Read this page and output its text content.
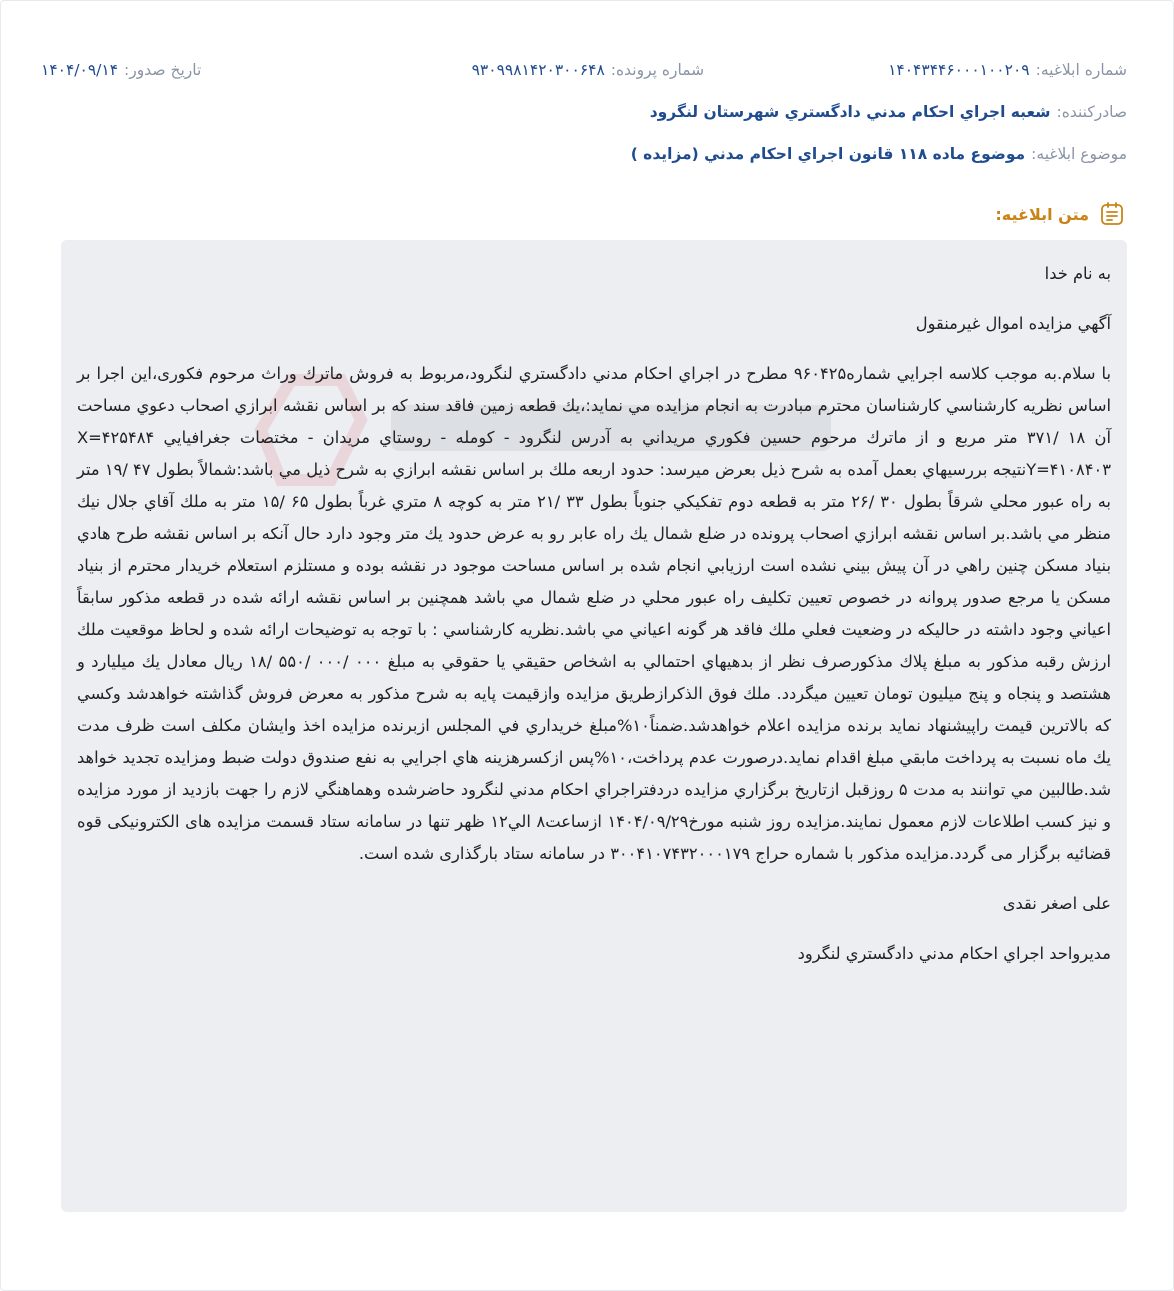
شماره ابلاغیه:
۱۴۰۴۳۴۴۶۰۰۰۱۰۰۲۰۹
شماره پرونده:
۹۳۰۹۹۸۱۴۲۰۳۰۰۶۴۸
تاریخ صدور:
۱۴۰۴/۰۹/۱۴
صادرکننده:
شعبه اجراي احكام مدني دادگستري شهرستان لنگرود
موضوع ابلاغیه:
موضوع ماده ۱۱۸ قانون اجراي احكام مدني (مزايده )
متن ابلاغیه:

به نام خدا

آگهي مزايده اموال غيرمنقول

با سلام.به موجب كلاسه اجرايي شماره۹۶۰۴۲۵ مطرح در اجراي احكام مدني دادگستري لنگرود،مربوط به فروش ماترك وراث مرحوم فكوری،اين اجرا بر اساس نظريه كارشناسي كارشناسان محترم مبادرت به انجام مزايده مي نمايد:،يك قطعه زمين فاقد سند كه بر اساس نقشه ابرازي اصحاب دعوي مساحت آن ۱۸ /۳۷۱ متر مربع و از ماترك مرحوم حسين فكوري مريداني به آدرس لنگرود - كومله - روستاي مريدان - مختصات جغرافيايي X=۴۲۵۴۸۴ Y=۴۱۰۸۴۰۳نتيجه بررسيهاي بعمل آمده به شرح ذيل بعرض ميرسد: حدود اربعه ملك بر اساس نقشه ابرازي به شرح ذيل مي باشد:شمالاً بطول ۴۷ /۱۹ متر به راه عبور محلي شرقاً بطول ۳۰ /۲۶ متر به قطعه دوم تفكيكي جنوباً بطول ۳۳ /۲۱ متر به كوچه ۸ متري غرباً بطول ۶۵ /۱۵ متر به ملك آقاي جلال نيك منظر مي باشد.بر اساس نقشه ابرازي اصحاب پرونده در ضلع شمال يك راه عابر رو به عرض حدود يك متر وجود دارد حال آنكه بر اساس نقشه طرح هادي بنياد مسكن چنين راهي در آن پيش بيني نشده است ارزيابي انجام شده بر اساس مساحت موجود در نقشه بوده و مستلزم استعلام خريدار محترم از بنياد مسكن يا مرجع صدور پروانه در خصوص تعيين تكليف راه عبور محلي در ضلع شمال مي باشد همچنين بر اساس نقشه ارائه شده در قطعه مذكور سابقاً اعياني وجود داشته در حاليكه در وضعيت فعلي ملك فاقد هر گونه اعياني مي باشد.نظريه كارشناسي : با توجه به توضيحات ارائه شده و لحاظ موقعيت ملك ارزش رقبه مذكور به مبلغ پلاك مذكورصرف نظر از بدهيهاي احتمالي به اشخاص حقيقي يا حقوقي به مبلغ ۰۰۰ /۰۰۰ /۵۵۰ /۱۸ ريال معادل يك ميليارد و هشتصد و پنجاه و پنج ميليون تومان تعيين ميگردد. ملك فوق الذكرازطريق مزايده وازقيمت پايه به شرح مذكور به معرض فروش گذاشته خواهدشد وكسي كه بالاترين قيمت راپيشنهاد نمايد برنده مزايده اعلام خواهدشد.ضمناً۱۰%مبلغ خريداري في المجلس ازبرنده مزايده اخذ وايشان مكلف است ظرف مدت يك ماه نسبت به پرداخت مابقي مبلغ اقدام نمايد.درصورت عدم پرداخت،۱۰%پس ازكسرهزينه هاي اجرايي به نفع صندوق دولت ضبط ومزايده تجديد خواهد شد.طالبين مي توانند به مدت ۵ روزقبل ازتاريخ برگزاري مزايده دردفتراجراي احكام مدني لنگرود حاضرشده وهماهنگي لازم را جهت بازديد از مورد مزايده و نيز كسب اطلاعات لازم معمول نمايند.مزايده روز شنبه مورخ۱۴۰۴/۰۹/۲۹ ازساعت۸ الي۱۲ ظهر تنها در سامانه ستاد قسمت مزایده های الکترونیکی قوه قضائیه برگزار می گردد.مزایده مذکور با شماره حراج ۳۰۰۴۱۰۷۴۳۲۰۰۰۱۷۹ در سامانه ستاد بارگذاری شده است.

علی اصغر نقدی

مديرواحد اجراي احكام مدني دادگستري لنگرود
